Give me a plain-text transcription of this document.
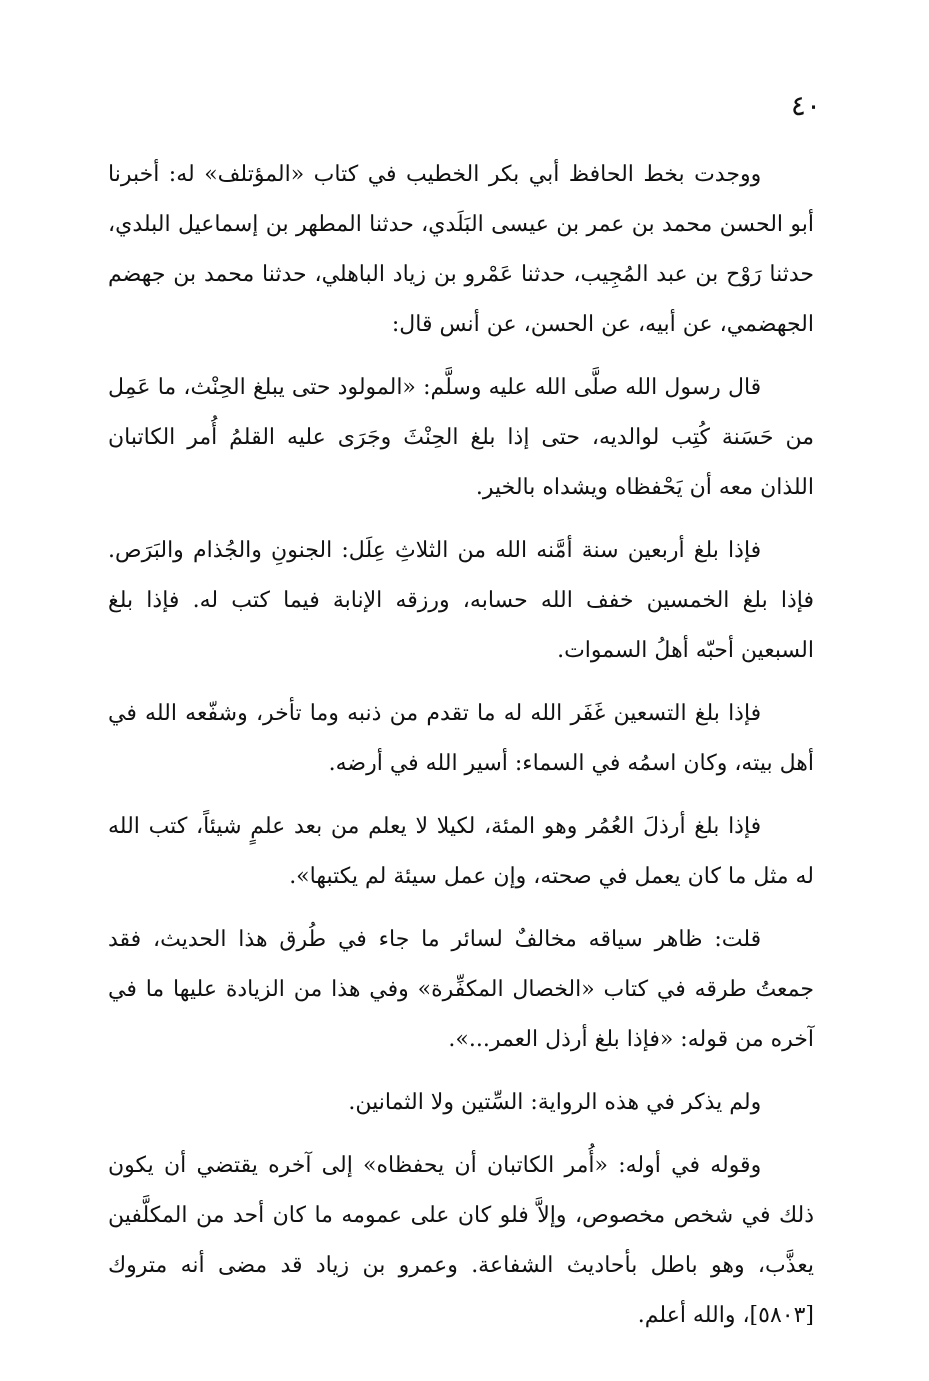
٤٠

ووجدت بخط الحافظ أبي بكر الخطيب في كتاب «المؤتلف» له: أخبرنا أبو الحسن محمد بن عمر بن عيسى البَلَدي، حدثنا المطهر بن إسماعيل البلدي، حدثنا رَوْح بن عبد المُجِيب، حدثنا عَمْرو بن زياد الباهلي، حدثنا محمد بن جهضم الجهضمي، عن أبيه، عن الحسن، عن أنس قال:

قال رسول الله صلَّى الله عليه وسلَّم: «المولود حتى يبلغ الحِنْث، ما عَمِل من حَسَنة كُتِب لوالديه، حتى إذا بلغ الحِنْثَ وجَرَى عليه القلمُ أُمر الكاتبان اللذان معه أن يَحْفظاه ويشداه بالخير.

فإذا بلغ أربعين سنة أمَّنه الله من الثلاثِ عِلَل: الجنونِ والجُذام والبَرَص. فإذا بلغ الخمسين خفف الله حسابه، ورزقه الإنابة فيما كتب له. فإذا بلغ السبعين أحبّه أهلُ السموات.

فإذا بلغ التسعين غَفَر الله له ما تقدم من ذنبه وما تأخر، وشفّعه الله في أهل بيته، وكان اسمُه في السماء: أسير الله في أرضه.

فإذا بلغ أرذلَ العُمُر وهو المئة، لكيلا لا يعلم من بعد علمٍ شيئاً، كتب الله له مثل ما كان يعمل في صحته، وإن عمل سيئة لم يكتبها».

قلت: ظاهر سياقه مخالفٌ لسائر ما جاء في طُرق هذا الحديث، فقد جمعتُ طرقه في كتاب «الخصال المكفِّرة» وفي هذا من الزيادة عليها ما في آخره من قوله: «فإذا بلغ أرذل العمر...».

ولم يذكر في هذه الرواية: السِّتين ولا الثمانين.

وقوله في أوله: «أُمر الكاتبان أن يحفظاه» إلى آخره يقتضي أن يكون ذلك في شخص مخصوص، وإلاَّ فلو كان على عمومه ما كان أحد من المكلَّفين يعذَّب، وهو باطل بأحاديث الشفاعة. وعمرو بن زياد قد مضى أنه متروك [٥٨٠٣]، والله أعلم.
